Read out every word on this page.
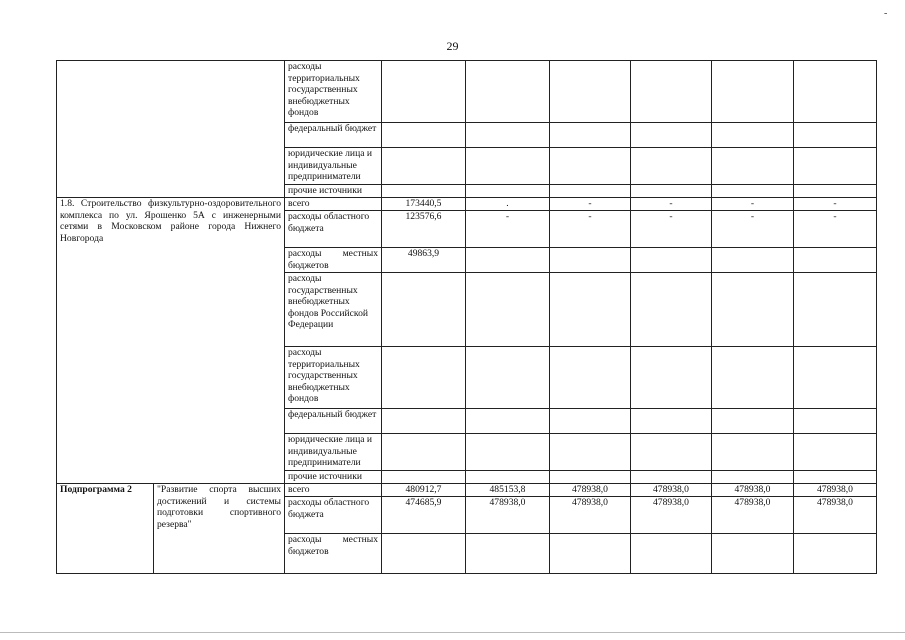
29
-
		расходы территориальных государственных внебюджетных фондов						
		федеральный бюджет						
		юридические лица и индивидуальные предприниматели						
		прочие источники						
1.8. Строительство физкультурно-оздоровительного комплекса по ул. Ярошенко 5А с инженерными сетями в Московском районе города Нижнего Новгорода		всего	173440,5	.	-	-	-	-
		расходы областного бюджета	123576,6	-	-	-	-	-
		расходы местных бюджетов	49863,9					
		расходы государственных внебюджетных фондов Российской Федерации						
		расходы территориальных государственных внебюджетных фондов						
		федеральный бюджет						
		юридические лица и индивидуальные предприниматели						
		прочие источники						
Подпрограмма 2	"Развитие спорта высших достижений и системы подготовки спортивного резерва"	всего	480912,7	485153,8	478938,0	478938,0	478938,0	478938,0
		расходы областного бюджета	474685,9	478938,0	478938,0	478938,0	478938,0	478938,0
		расходы местных бюджетов						
